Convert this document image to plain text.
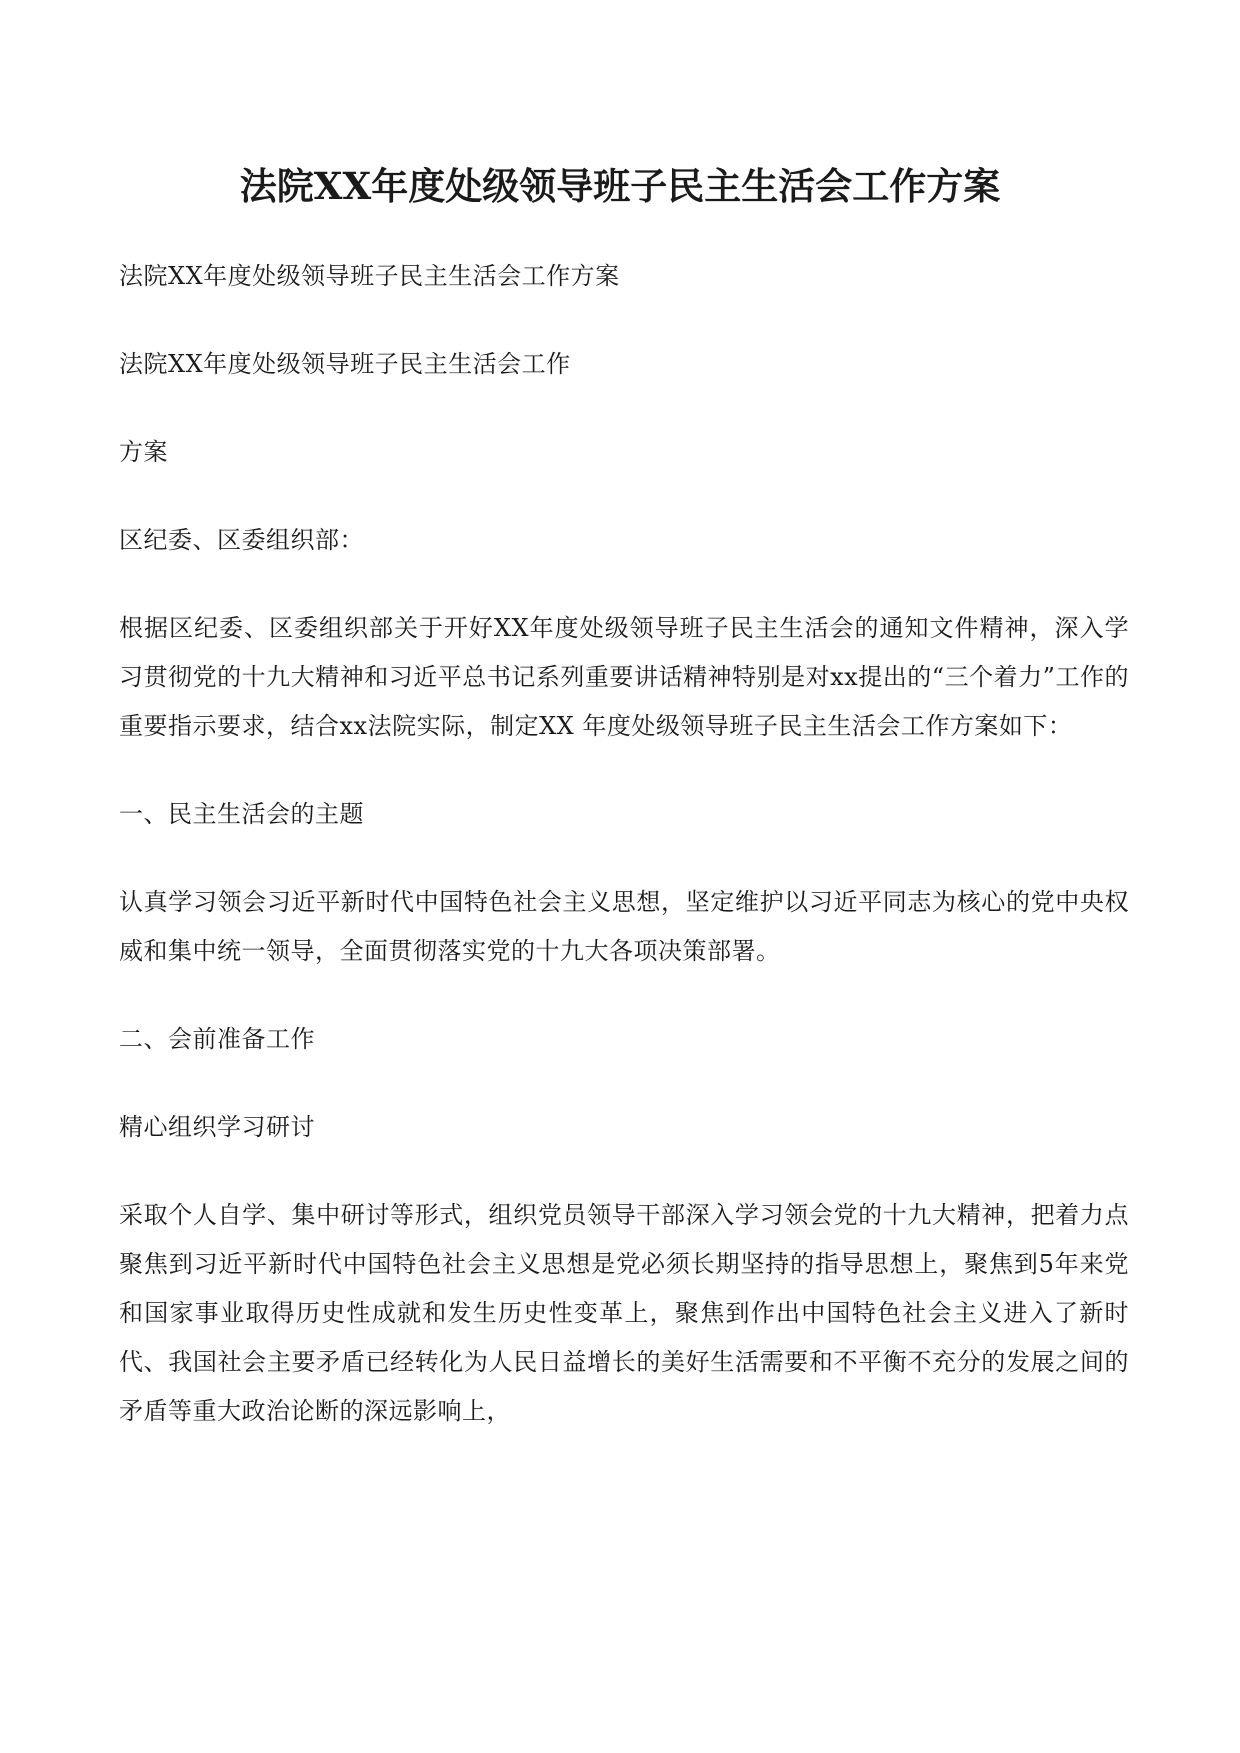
法院XX年度处级领导班子民主生活会工作方案

法院XX年度处级领导班子民主生活会工作方案

法院XX年度处级领导班子民主生活会工作

方案

区纪委、区委组织部：

根据区纪委、区委组织部关于开好XX年度处级领导班子民主生活会的通知文件精神，深入学习贯彻党的十九大精神和习近平总书记系列重要讲话精神特别是对xx提出的“三个着力”工作的重要指示要求，结合xx法院实际，制定XX 年度处级领导班子民主生活会工作方案如下：

一、民主生活会的主题

认真学习领会习近平新时代中国特色社会主义思想，坚定维护以习近平同志为核心的党中央权威和集中统一领导，全面贯彻落实党的十九大各项决策部署。

二、会前准备工作

精心组织学习研讨

采取个人自学、集中研讨等形式，组织党员领导干部深入学习领会党的十九大精神，把着力点聚焦到习近平新时代中国特色社会主义思想是党必须长期坚持的指导思想上，聚焦到5年来党和国家事业取得历史性成就和发生历史性变革上，聚焦到作出中国特色社会主义进入了新时代、我国社会主要矛盾已经转化为人民日益增长的美好生活需要和不平衡不充分的发展之间的矛盾等重大政治论断的深远影响上，
